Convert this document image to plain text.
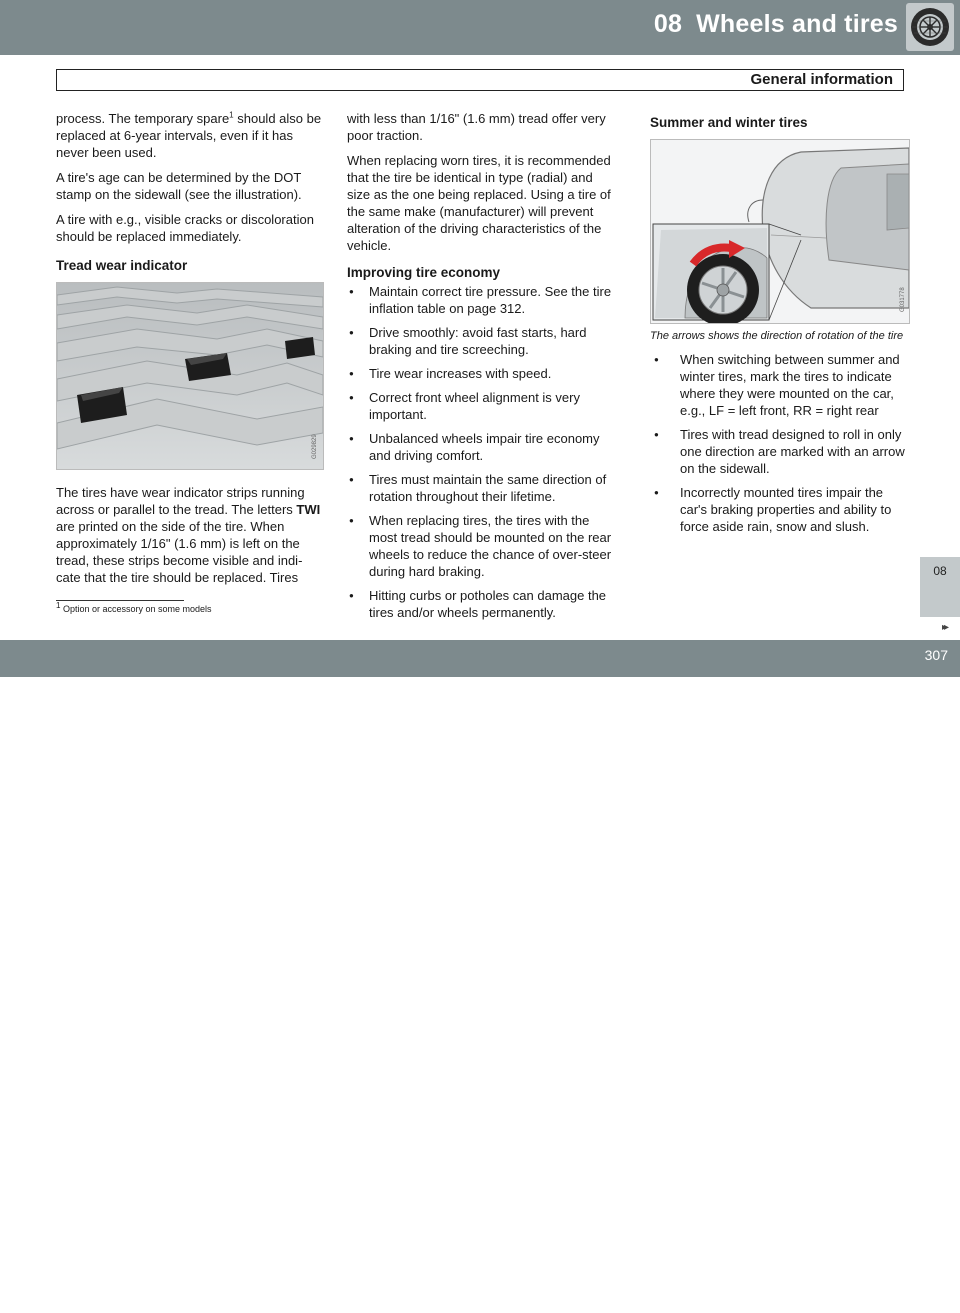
08 Wheels and tires
General information

process. The temporary spare$^1$ should also be replaced at 6-year intervals, even if it has never been used.

A tire's age can be determined by the DOT stamp on the sidewall (see the illustration).

A tire with e.g., visible cracks or discoloration should be replaced immediately.

Tread wear indicator
G029829

The tires have wear indicator strips running across or parallel to the tread. The letters TWI are printed on the side of the tire. When approximately 1/16" (1.6 mm) is left on the tread, these strips become visible and indi-cate that the tire should be replaced. Tires

with less than 1/16" (1.6 mm) tread offer very poor traction.

When replacing worn tires, it is recommended that the tire be identical in type (radial) and size as the one being replaced. Using a tire of the same make (manufacturer) will prevent alteration of the driving characteristics of the vehicle.

Improving tire economy
● Maintain correct tire pressure. See the tire inflation table on page 312.
● Drive smoothly: avoid fast starts, hard braking and tire screeching.
● Tire wear increases with speed.
● Correct front wheel alignment is very important.
● Unbalanced wheels impair tire economy and driving comfort.
● Tires must maintain the same direction of rotation throughout their lifetime.
● When replacing tires, the tires with the most tread should be mounted on the rear wheels to reduce the chance of over-steer during hard braking.
● Hitting curbs or potholes can damage the tires and/or wheels permanently.
Summer and winter tires
G031778

The arrows shows the direction of rotation of the tire

● When switching between summer and winter tires, mark the tires to indicate where they were mounted on the car, e.g., LF = left front, RR = right rear
● Tires with tread designed to roll in only one direction are marked with an arrow on the sidewall.
● Incorrectly mounted tires impair the car's braking properties and ability to force aside rain, snow and slush.
$^1$ Option or accessory on some models
08
▸▸
carmanualsonline.info
307
